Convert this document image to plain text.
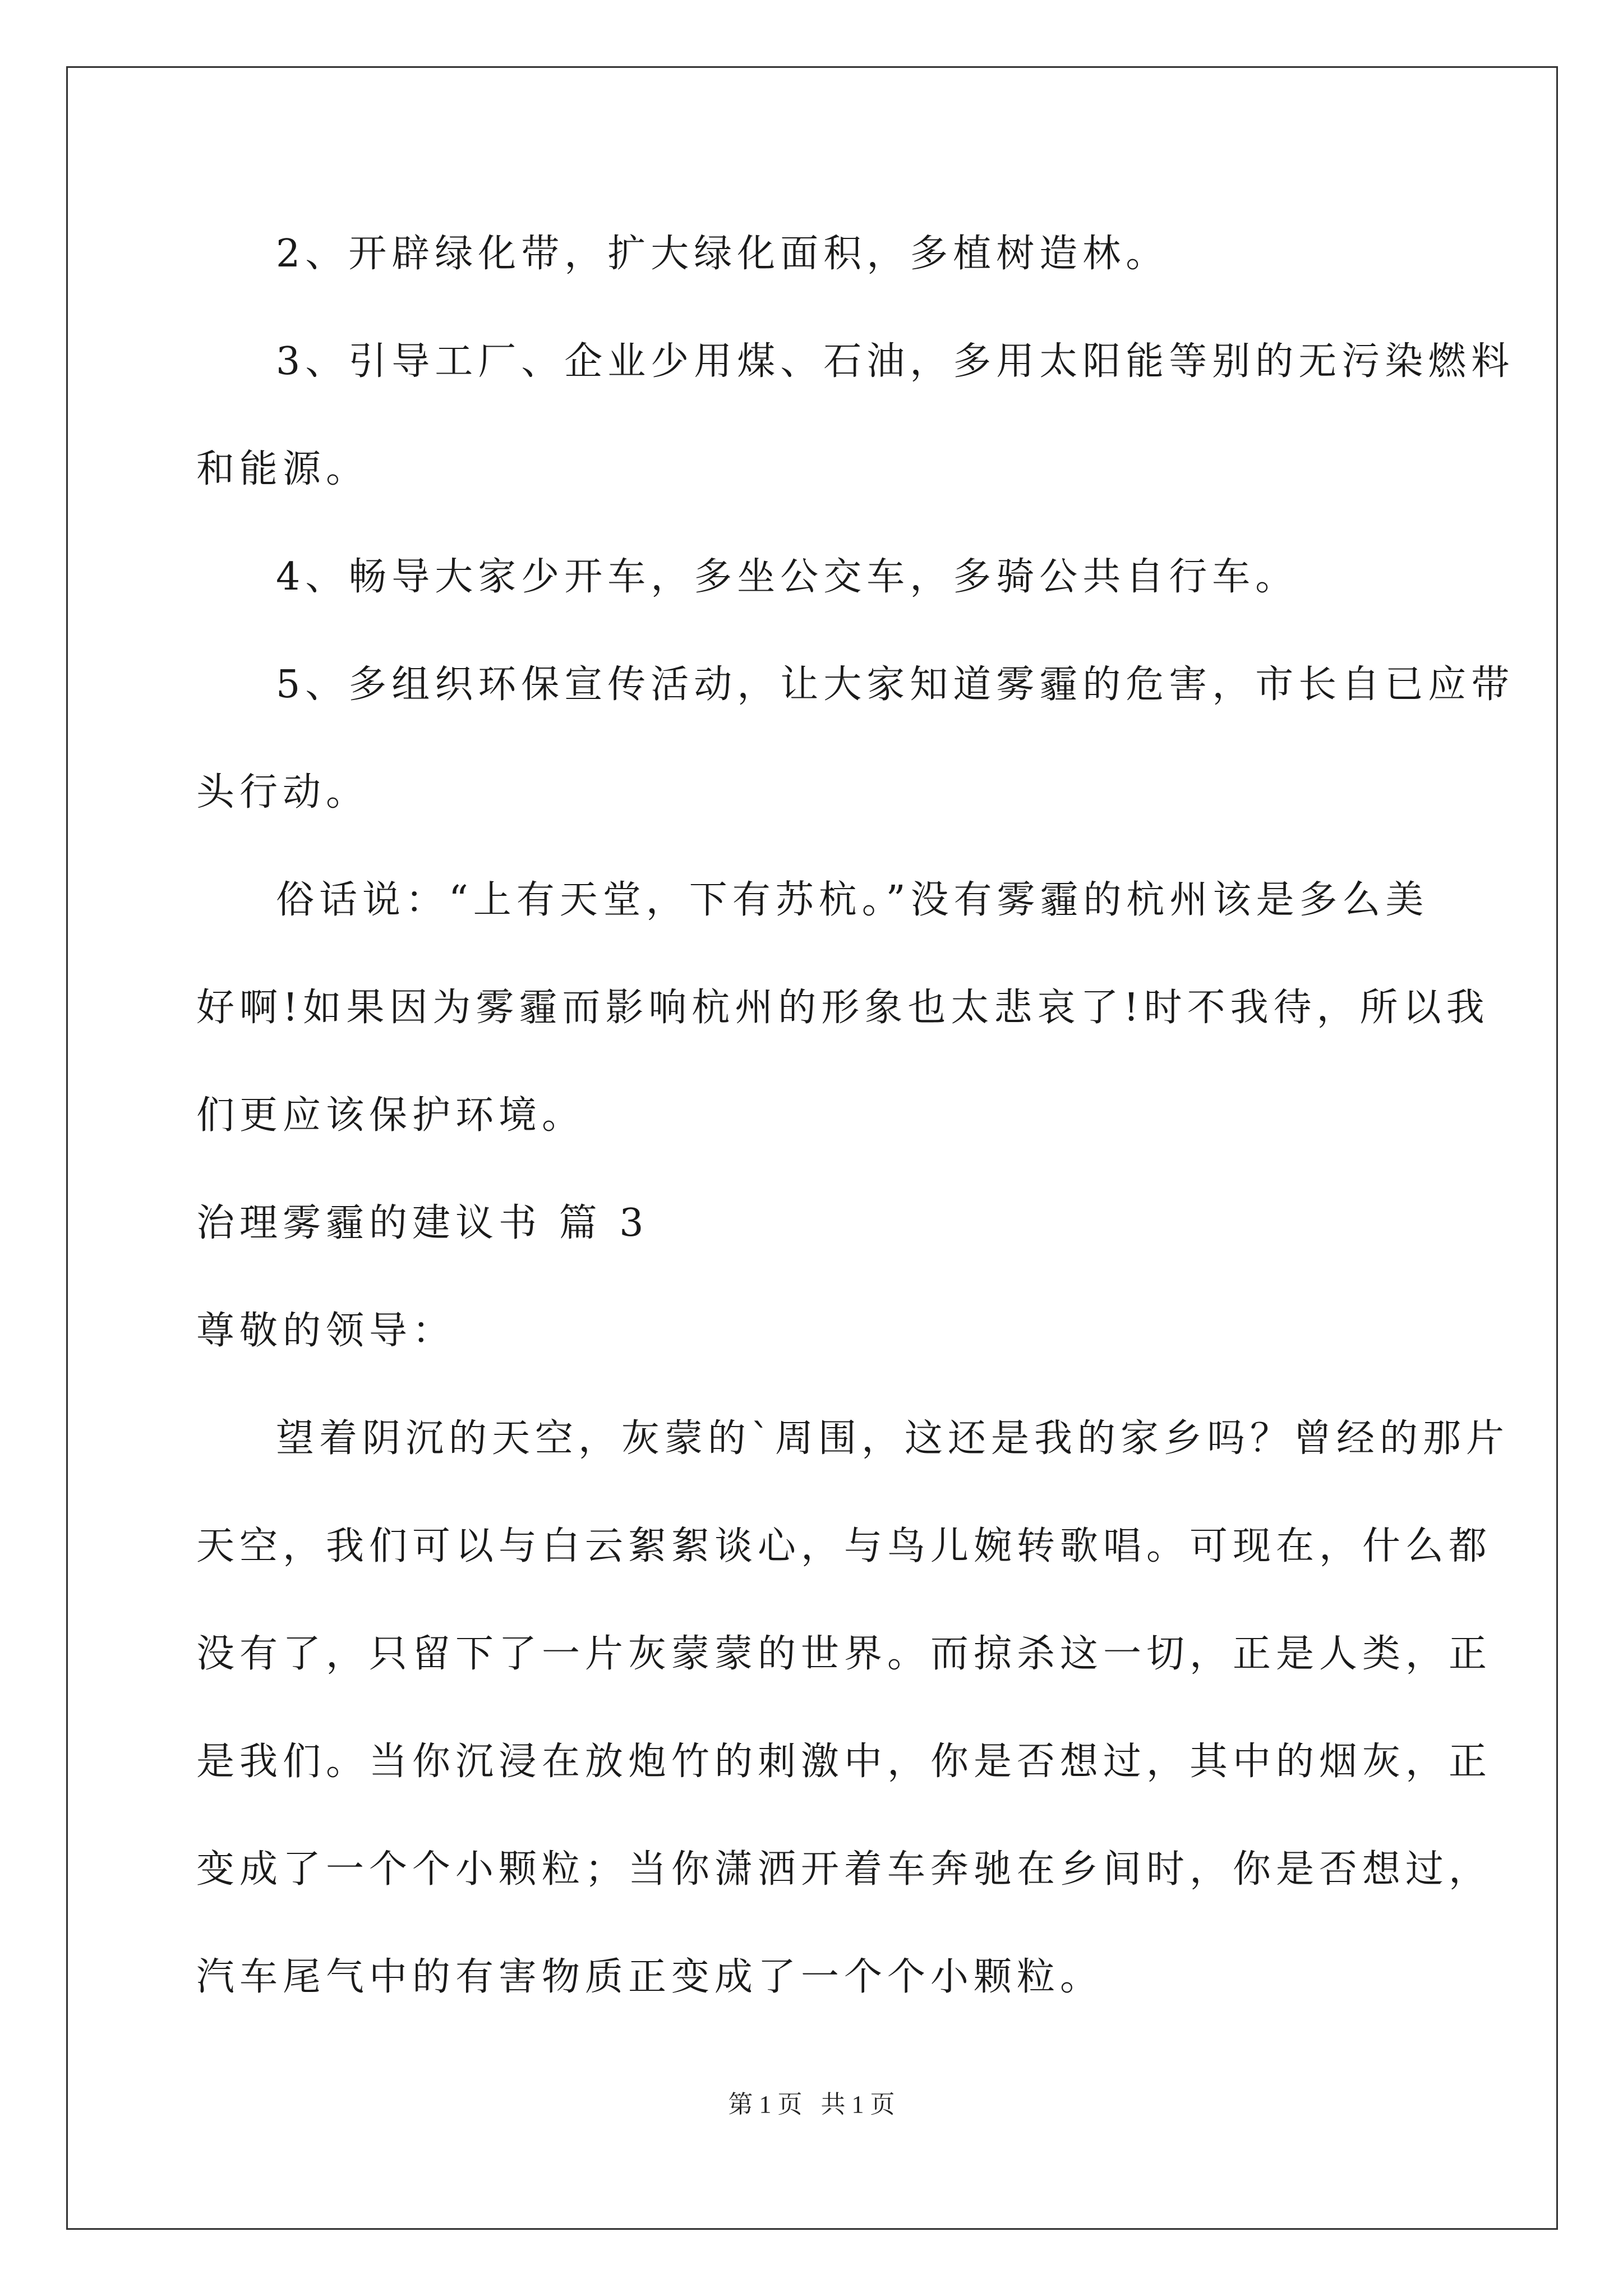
2、开辟绿化带，扩大绿化面积，多植树造林。
3、引导工厂、企业少用煤、石油，多用太阳能等别的无污染燃料
和能源。
4、畅导大家少开车，多坐公交车，多骑公共自行车。
5、多组织环保宣传活动，让大家知道雾霾的危害，市长自已应带
头行动。
俗话说：“上有天堂，下有苏杭。”没有雾霾的杭州该是多么美
好啊!如果因为雾霾而影响杭州的形象也太悲哀了!时不我待，所以我
们更应该保护环境。
治理雾霾的建议书 篇 3
尊敬的领导：
望着阴沉的天空，灰蒙的`周围，这还是我的家乡吗？曾经的那片
天空，我们可以与白云絮絮谈心，与鸟儿婉转歌唱。可现在，什么都
没有了，只留下了一片灰蒙蒙的世界。而掠杀这一切，正是人类，正
是我们。当你沉浸在放炮竹的刺激中，你是否想过，其中的烟灰，正
变成了一个个小颗粒；当你潇洒开着车奔驰在乡间时，你是否想过，
汽车尾气中的有害物质正变成了一个个小颗粒。
第 1 页   共 1 页
